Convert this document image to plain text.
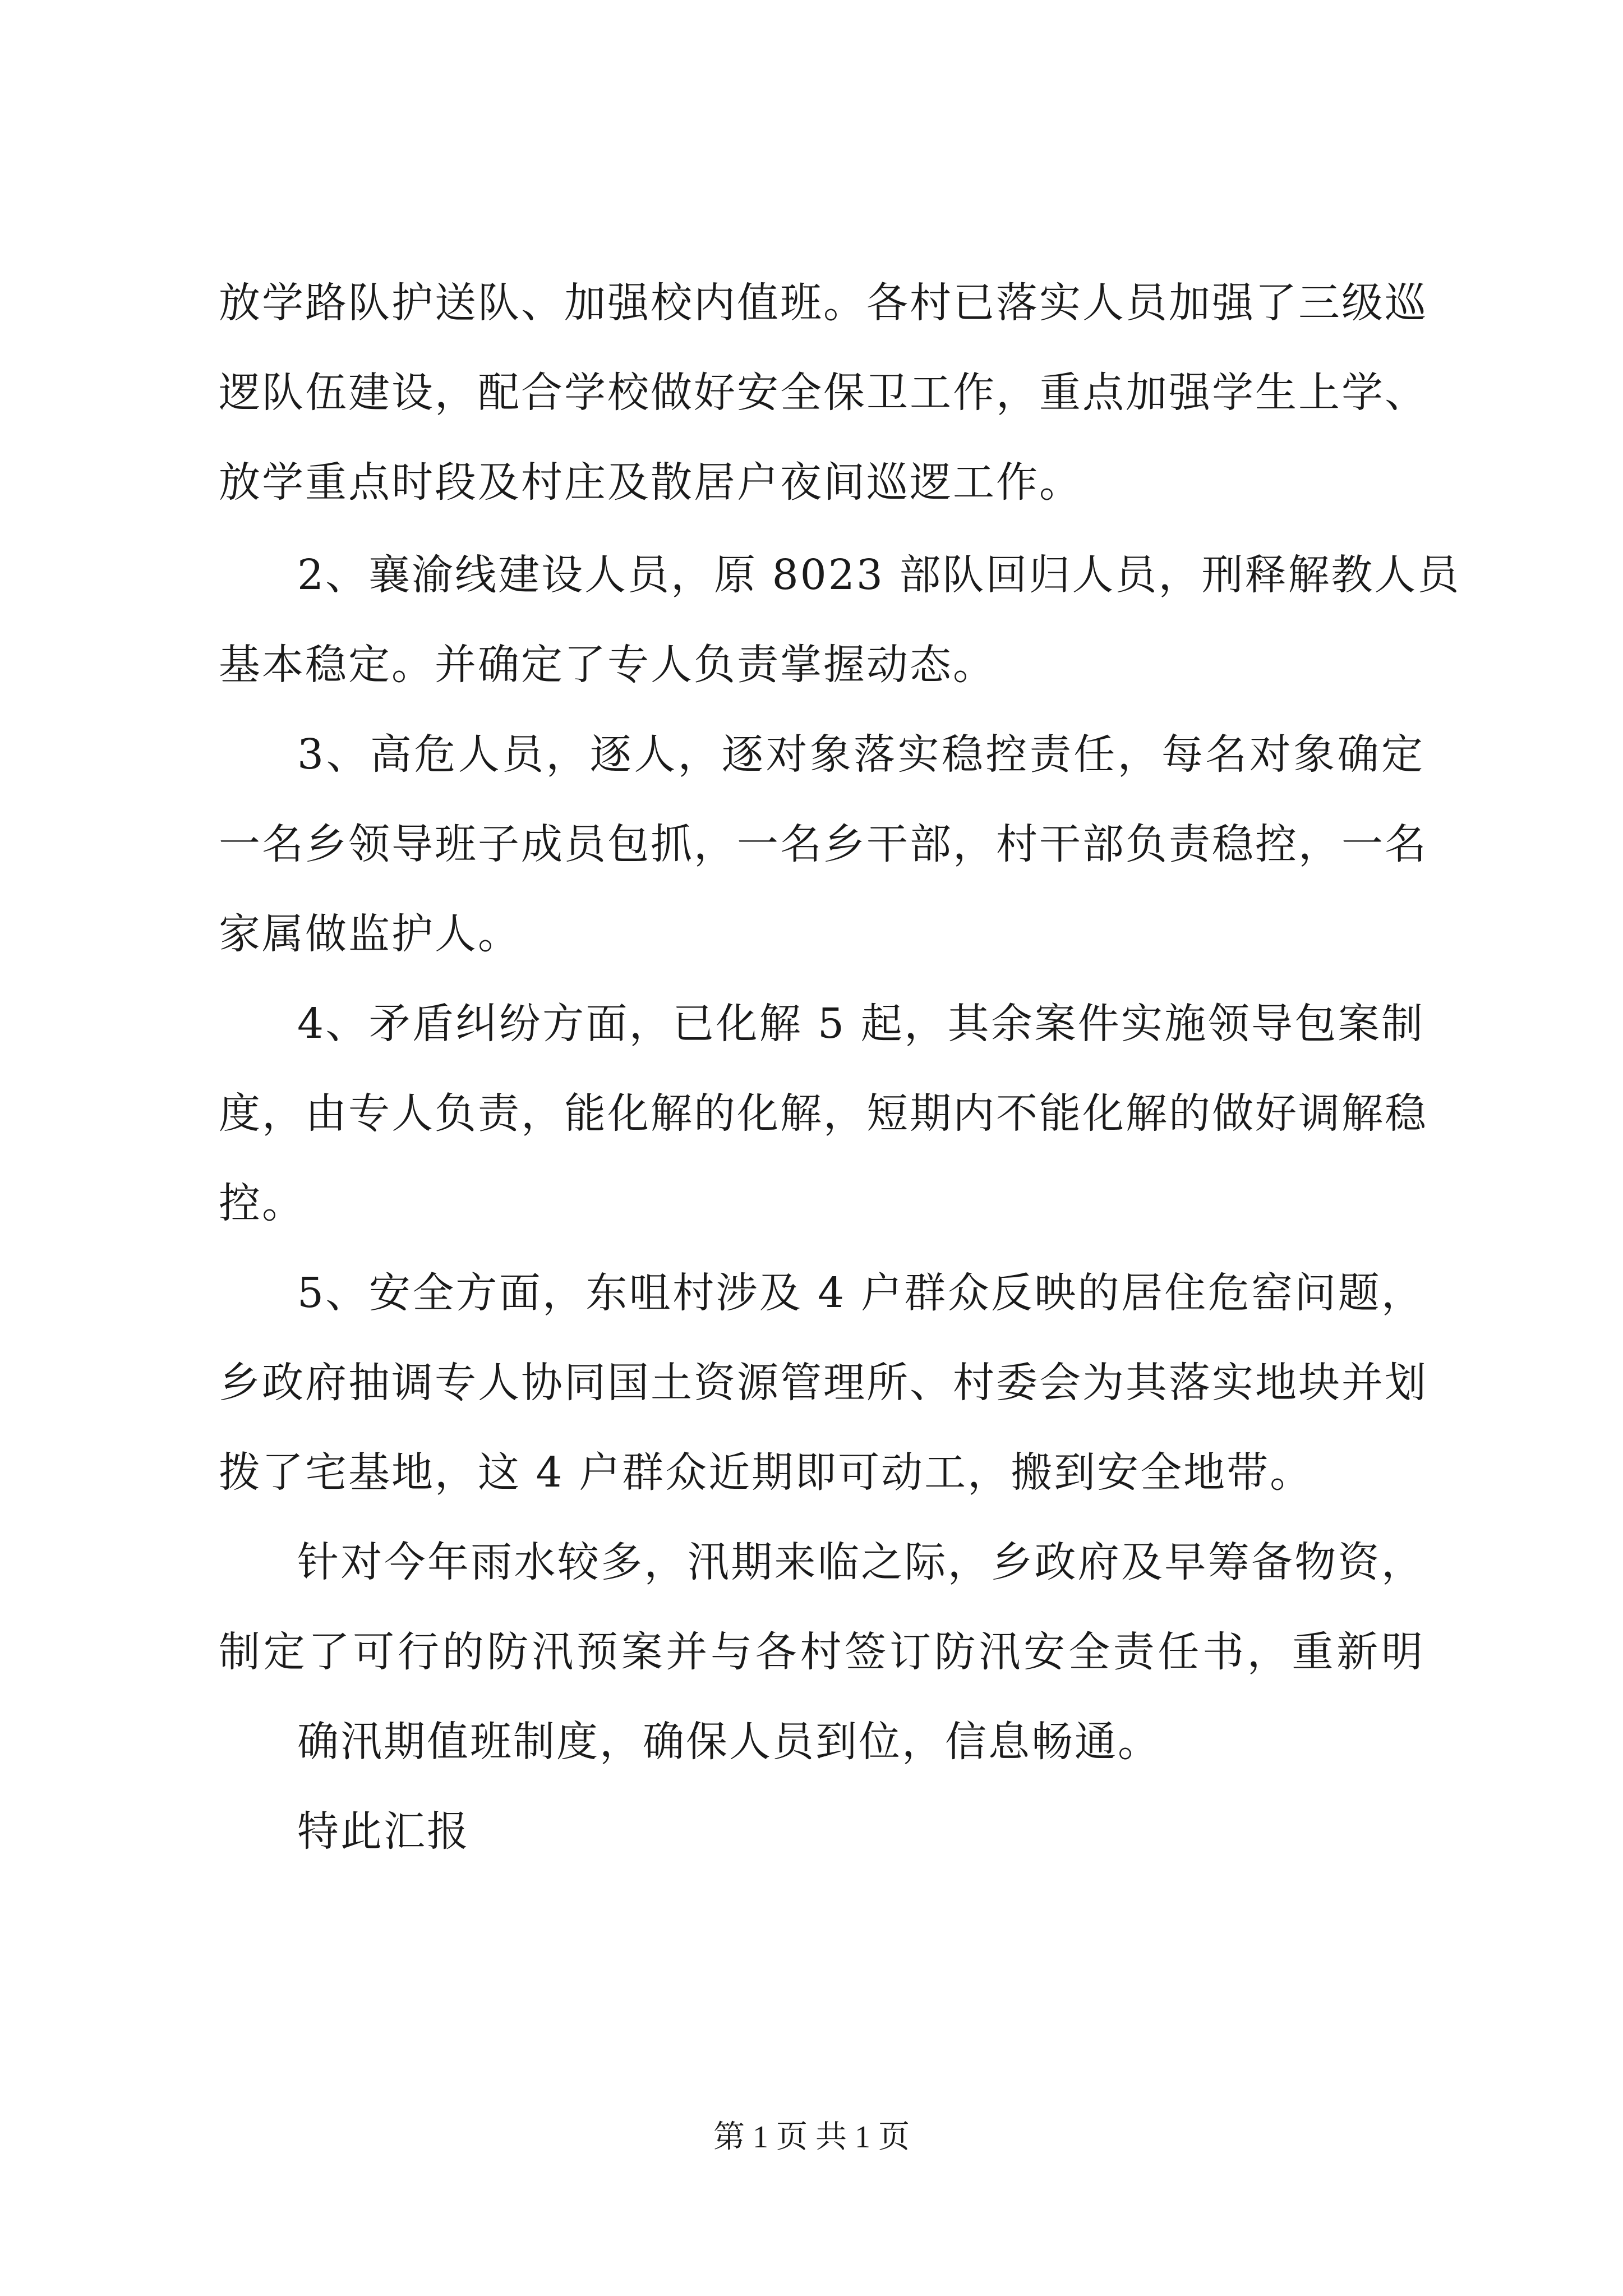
放学路队护送队、加强校内值班。各村已落实人员加强了三级巡
逻队伍建设，配合学校做好安全保卫工作，重点加强学生上学、
放学重点时段及村庄及散居户夜间巡逻工作。
2、襄渝线建设人员，原 8023 部队回归人员，刑释解教人员
基本稳定。并确定了专人负责掌握动态。
3、高危人员，逐人，逐对象落实稳控责任，每名对象确定
一名乡领导班子成员包抓，一名乡干部，村干部负责稳控，一名
家属做监护人。
4、矛盾纠纷方面，已化解 5 起，其余案件实施领导包案制
度，由专人负责，能化解的化解，短期内不能化解的做好调解稳
控。
5、安全方面，东咀村涉及 4 户群众反映的居住危窑问题，
乡政府抽调专人协同国土资源管理所、村委会为其落实地块并划
拨了宅基地，这 4 户群众近期即可动工，搬到安全地带。
针对今年雨水较多，汛期来临之际，乡政府及早筹备物资，
制定了可行的防汛预案并与各村签订防汛安全责任书，重新明
确汛期值班制度，确保人员到位，信息畅通。
特此汇报
第 1 页 共 1 页
